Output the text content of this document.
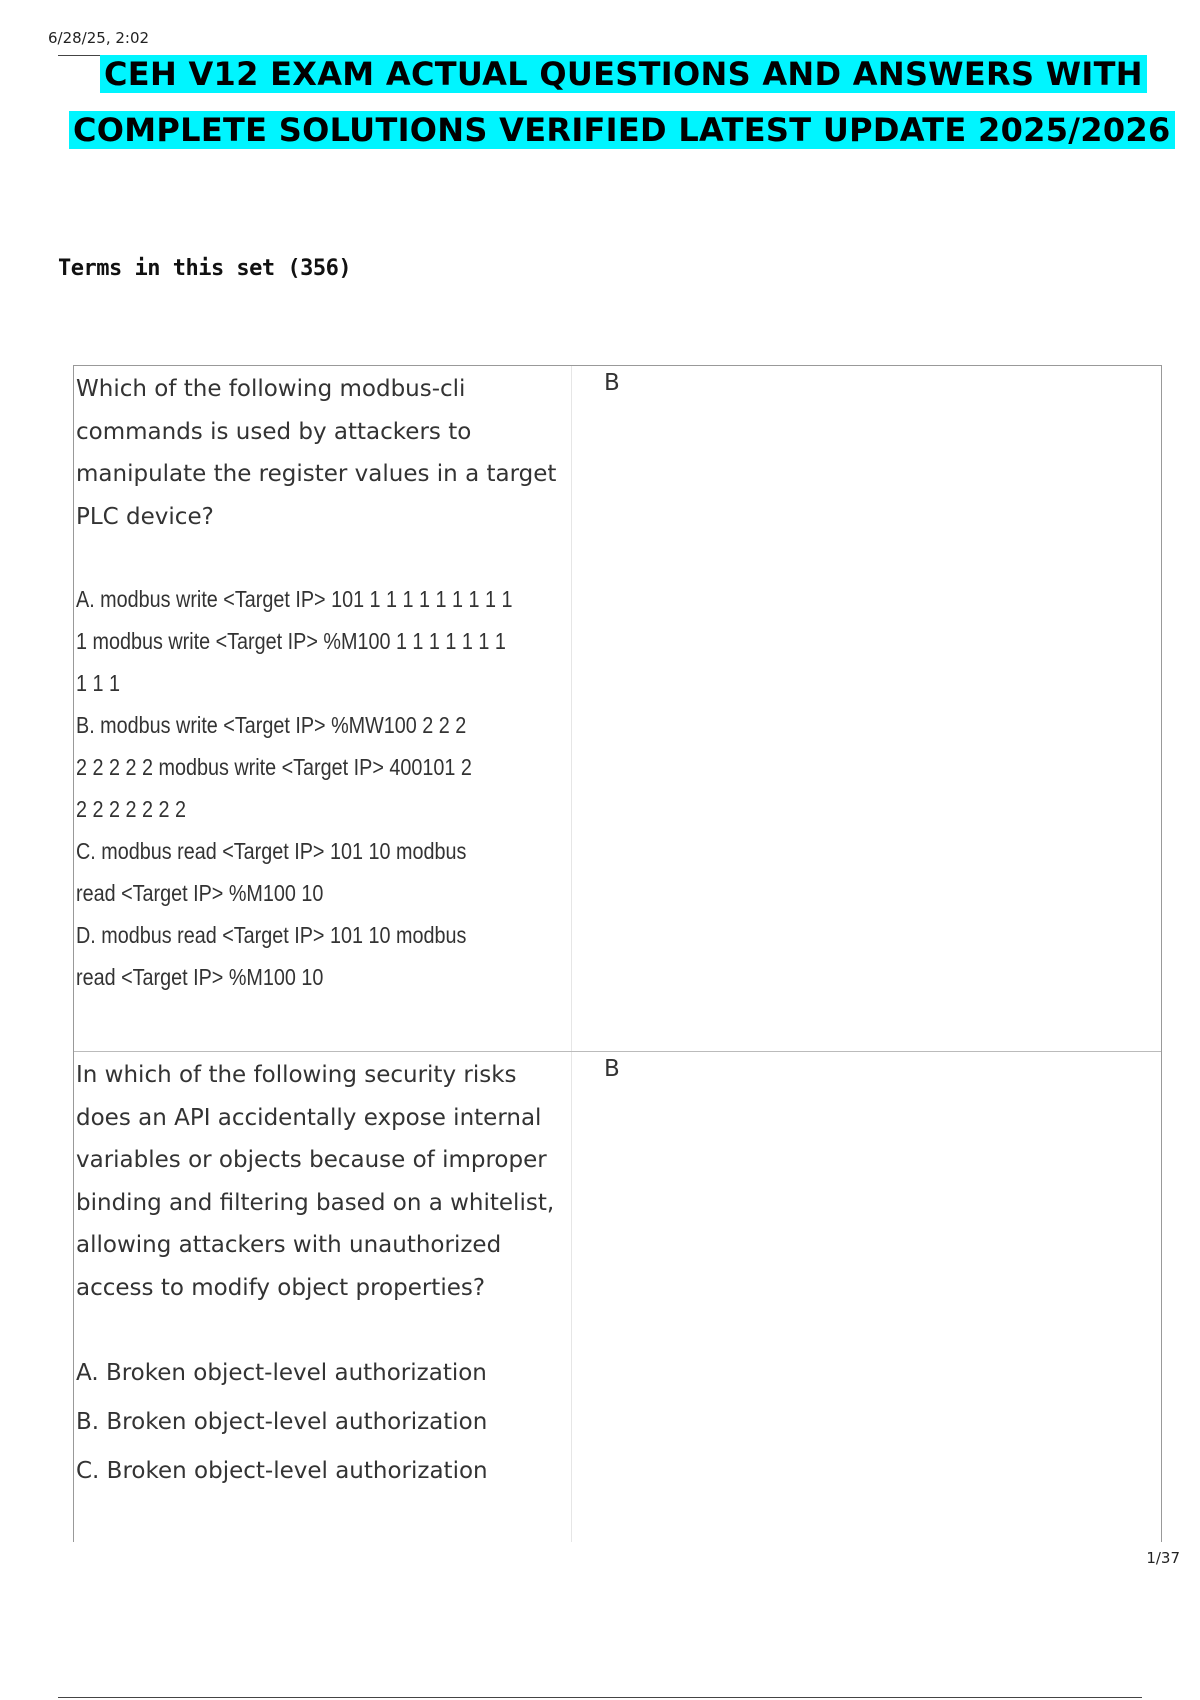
6/28/25, 2:02
CEH V12 EXAM ACTUAL QUESTIONS AND ANSWERS WITH
COMPLETE SOLUTIONS VERIFIED LATEST UPDATE 2025/2026
Terms in this set (356)
Which of the following modbus-cli commands is used by attackers to manipulate the register values in a target PLC device?
A. modbus write <Target IP> 101 1 1 1 1 1 1 1 1 1
1 modbus write <Target IP> %M100 1 1 1 1 1 1 1
1 1 1
B. modbus write <Target IP> %MW100 2 2 2
2 2 2 2 2 modbus write <Target IP> 400101 2
2 2 2 2 2 2 2
C. modbus read <Target IP> 101 10 modbus
read <Target IP> %M100 10
D. modbus read <Target IP> 101 10 modbus
read <Target IP> %M100 10
B
In which of the following security risks does an API accidentally expose internal variables or objects because of improper binding and filtering based on a whitelist, allowing attackers with unauthorized access to modify object properties?
A. Broken object-level authorization
B. Broken object-level authorization
C. Broken object-level authorization
B
1/37
